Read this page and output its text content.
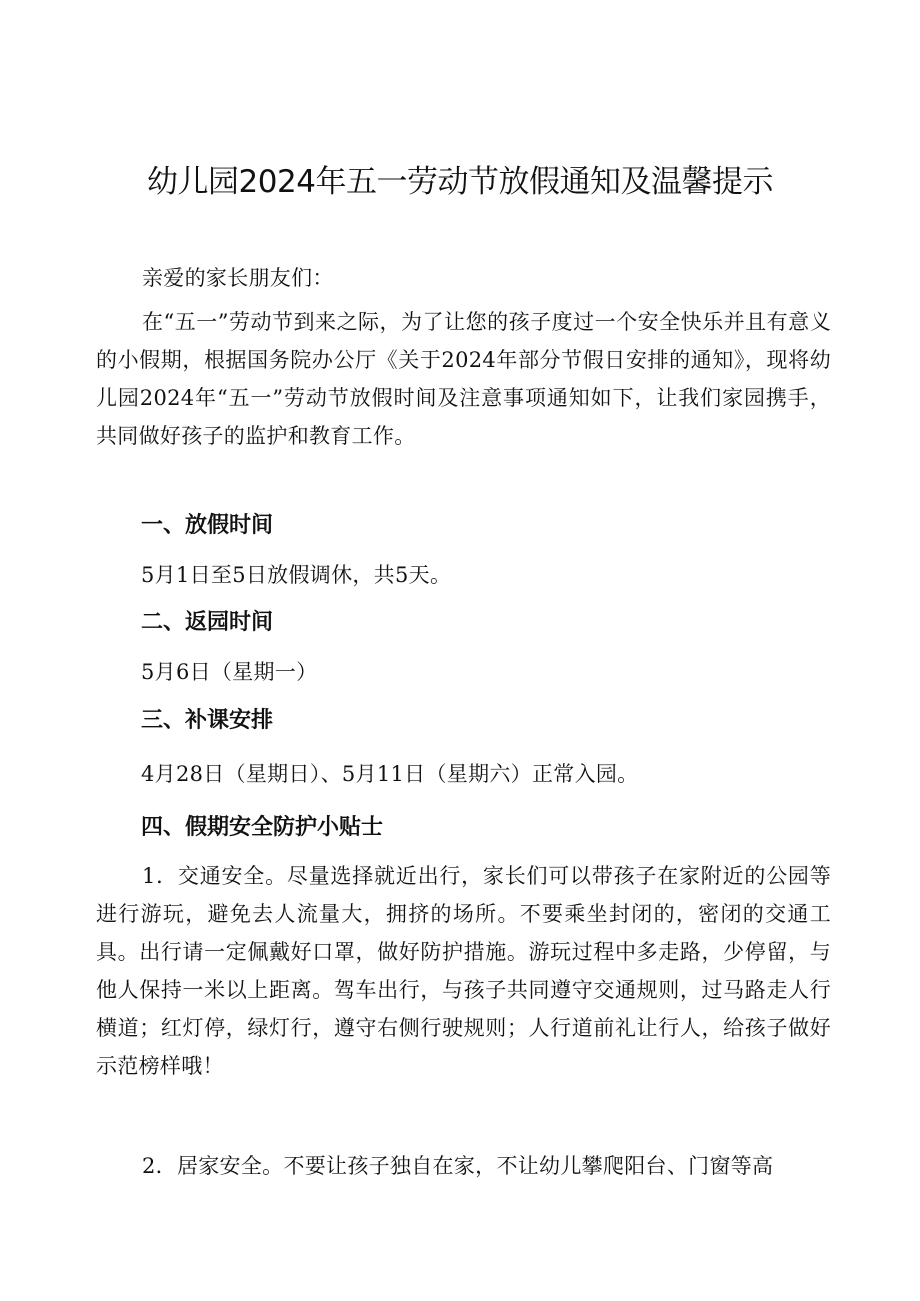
幼儿园2024年五一劳动节放假通知及温馨提示

亲爱的家长朋友们：

在“五一”劳动节到来之际，为了让您的孩子度过一个安全快乐并且有意义的小假期，根据国务院办公厅《关于2024年部分节假日安排的通知》，现将幼儿园2024年“五一”劳动节放假时间及注意事项通知如下，让我们家园携手，共同做好孩子的监护和教育工作。

一、放假时间

5月1日至5日放假调休，共5天。

二、返园时间

5月6日（星期一）

三、补课安排

4月28日（星期日）、5月11日（星期六）正常入园。

四、假期安全防护小贴士

1．交通安全。尽量选择就近出行，家长们可以带孩子在家附近的公园等进行游玩，避免去人流量大，拥挤的场所。不要乘坐封闭的，密闭的交通工具。出行请一定佩戴好口罩，做好防护措施。游玩过程中多走路，少停留，与他人保持一米以上距离。驾车出行，与孩子共同遵守交通规则，过马路走人行横道；红灯停，绿灯行，遵守右侧行驶规则；人行道前礼让行人，给孩子做好示范榜样哦！

2．居家安全。不要让孩子独自在家，不让幼儿攀爬阳台、门窗等高
